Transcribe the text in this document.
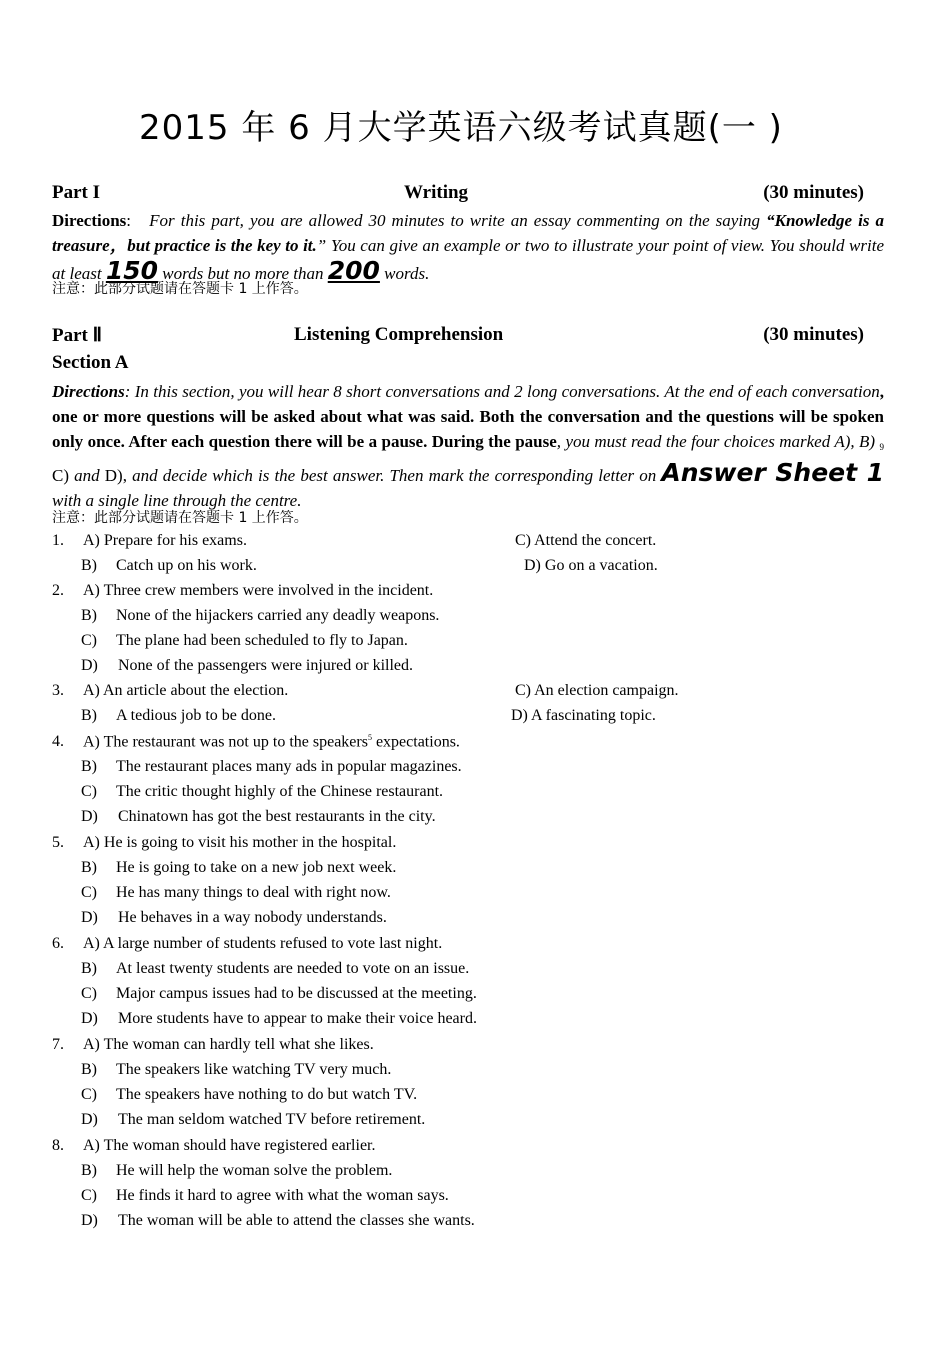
2015 年 6 月大学英语六级考试真题(一 )
Part I	Writing	(30 minutes)
Directions: For this part, you are allowed 30 minutes to write an essay commenting on the saying “Knowledge is a treasure，but practice is the key to it.” You can give an example or two to illustrate your point of view. You should write at least 150 words but no more than 200 words.
注意：此部分试题请在答题卡 1 上作答。
Part Ⅱ	Listening Comprehension	(30 minutes)
Section A
Directions: In this section, you will hear 8 short conversations and 2 long conversations. At the end of each conversation, one or more questions will be asked about what was said. Both the conversation and the questions will be spoken only once. After each question there will be a pause. During the pause, you must read the four choices marked A), B) $_9$ C) and D), and decide which is the best answer. Then mark the corresponding letter on Answer Sheet 1 with a single line through the centre.
注意：此部分试题请在答题卡 1 上作答。
1. A) Prepare for his exams.	C) Attend the concert.
B) Catch up on his work.	D) Go on a vacation.
2. A) Three crew members were involved in the incident.
B) None of the hijackers carried any deadly weapons.
C) The plane had been scheduled to fly to Japan.
D) None of the passengers were injured or killed.
3. A) An article about the election.	C) An election campaign.
B) A tedious job to be done.	D) A fascinating topic.
4. A) The restaurant was not up to the speakers$^5$ expectations.
B) The restaurant places many ads in popular magazines.
C) The critic thought highly of the Chinese restaurant.
D) Chinatown has got the best restaurants in the city.
5. A) He is going to visit his mother in the hospital.
B) He is going to take on a new job next week.
C) He has many things to deal with right now.
D) He behaves in a way nobody understands.
6. A) A large number of students refused to vote last night.
B) At least twenty students are needed to vote on an issue.
C) Major campus issues had to be discussed at the meeting.
D) More students have to appear to make their voice heard.
7. A) The woman can hardly tell what she likes.
B) The speakers like watching TV very much.
C) The speakers have nothing to do but watch TV.
D) The man seldom watched TV before retirement.
8. A) The woman should have registered earlier.
B) He will help the woman solve the problem.
C) He finds it hard to agree with what the woman says.
D) The woman will be able to attend the classes she wants.
